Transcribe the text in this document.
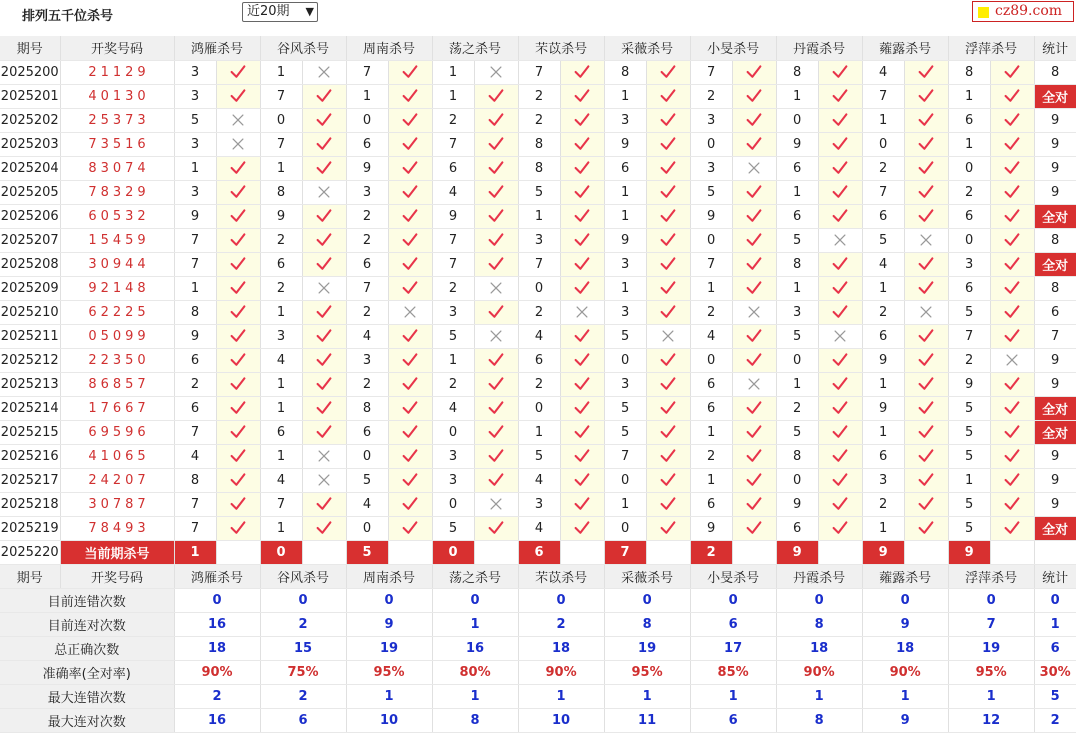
排列五千位杀号	近20期 ▼	cz89.com
期号	开奖号码	鸿雁杀号		谷风杀号		周南杀号		荡之杀号		芣苡杀号		采薇杀号		小旻杀号		丹霞杀号		蕹露杀号		浮萍杀号		统计
2025200	21129	3		1		7		1		7		8		7		8		4		8		8
2025201	40130	3		7		1		1		2		1		2		1		7		1		全对
2025202	25373	5		0		0		2		2		3		3		0		1		6		9
2025203	73516	3		7		6		7		8		9		0		9		0		1		9
2025204	83074	1		1		9		6		8		6		3		6		2		0		9
2025205	78329	3		8		3		4		5		1		5		1		7		2		9
2025206	60532	9		9		2		9		1		1		9		6		6		6		全对
2025207	15459	7		2		2		7		3		9		0		5		5		0		8
2025208	30944	7		6		6		7		7		3		7		8		4		3		全对
2025209	92148	1		2		7		2		0		1		1		1		1		6		8
2025210	62225	8		1		2		3		2		3		2		3		2		5		6
2025211	05099	9		3		4		5		4		5		4		5		6		7		7
2025212	22350	6		4		3		1		6		0		0		0		9		2		9
2025213	86857	2		1		2		2		2		3		6		1		1		9		9
2025214	17667	6		1		8		4		0		5		6		2		9		5		全对
2025215	69596	7		6		6		0		1		5		1		5		1		5		全对
2025216	41065	4		1		0		3		5		7		2		8		6		5		9
2025217	24207	8		4		5		3		4		0		1		0		3		1		9
2025218	30787	7		7		4		0		3		1		6		9		2		5		9
2025219	78493	7		1		0		5		4		0		9		6		1		5		全对
2025220	当前期杀号	1		0		5		0		6		7		2		9		9		9		
期号	开奖号码	鸿雁杀号		谷风杀号		周南杀号		荡之杀号		芣苡杀号		采薇杀号		小旻杀号		丹霞杀号		蕹露杀号		浮萍杀号		统计
目前连错次数		0		0		0		0		0		0		0		0		0		0		0
目前连对次数		16		2		9		1		2		8		6		8		9		7		1
总正确次数		18		15		19		16		18		19		17		18		18		19		6
准确率(全对率)		90%		75%		95%		80%		90%		95%		85%		90%		90%		95%		30%
最大连错次数		2		2		1		1		1		1		1		1		1		1		5
最大连对次数		16		6		10		8		10		11		6		8		9		12		2
